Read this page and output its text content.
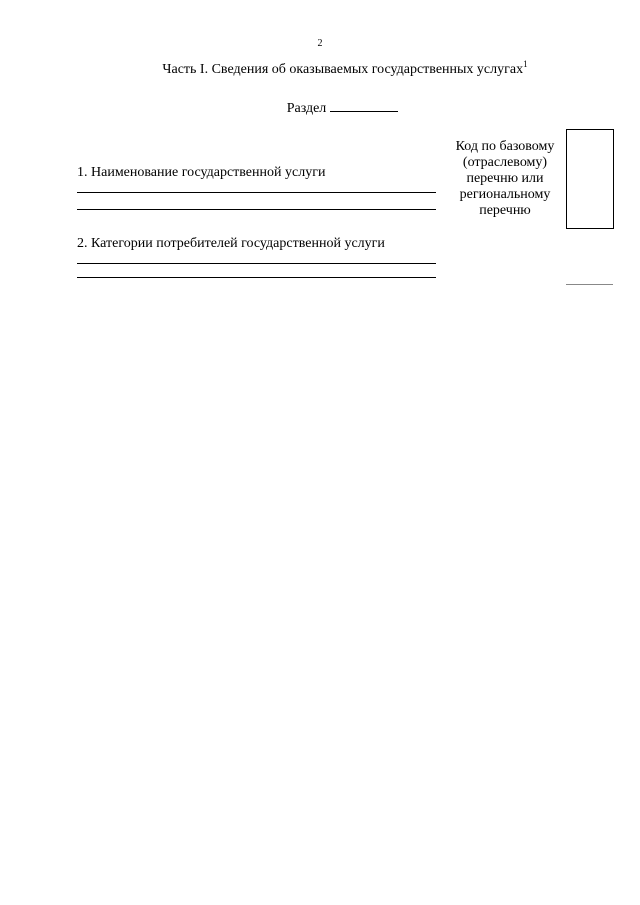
2
Часть I. Сведения об оказываемых государственных услугах$^1$
Раздел
1. Наименование государственной услуги
2. Категории потребителей государственной услуги
Код по базовому (отраслевому) перечню или региональному перечню
